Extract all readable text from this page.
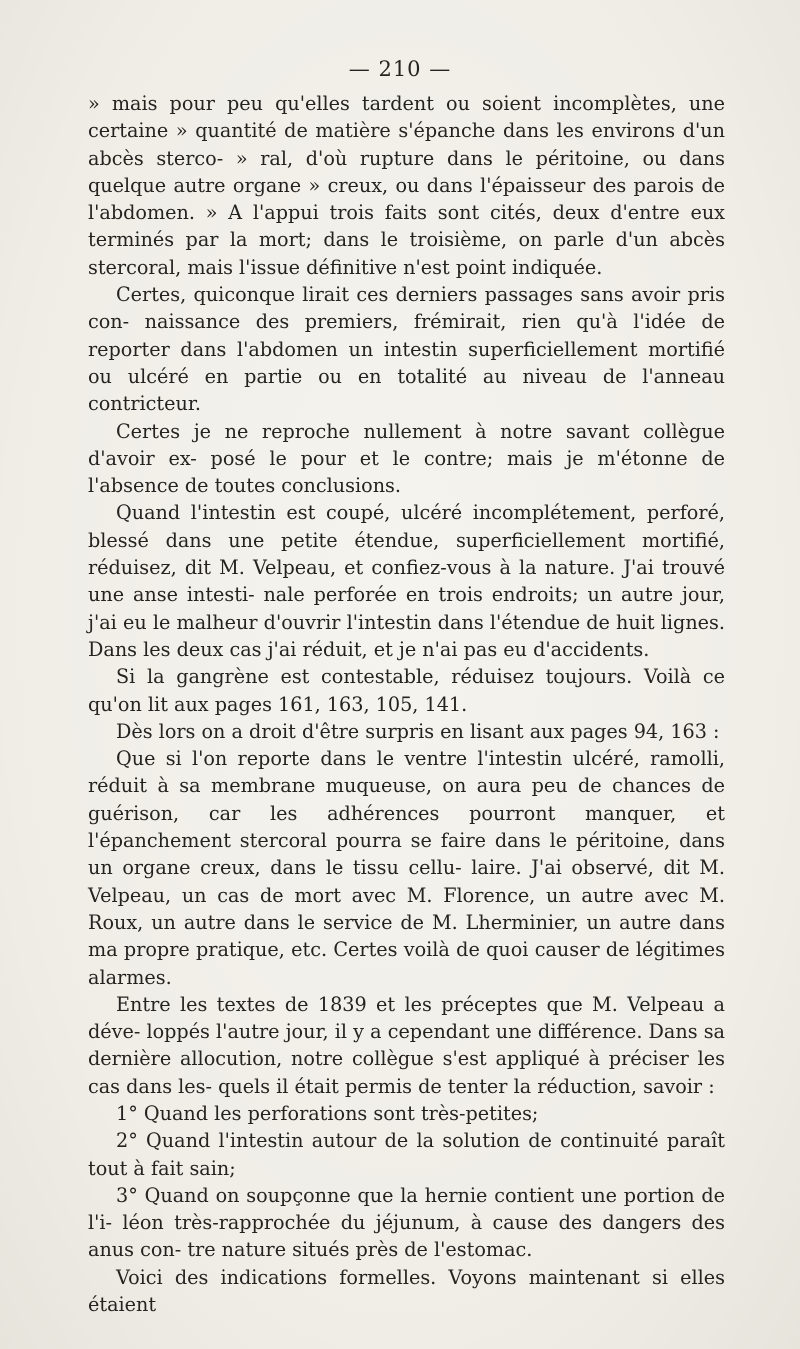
— 210 —

» mais pour peu qu'elles tardent ou soient incomplètes, une certaine » quantité de matière s'épanche dans les environs d'un abcès sterco- » ral, d'où rupture dans le péritoine, ou dans quelque autre organe » creux, ou dans l'épaisseur des parois de l'abdomen. » A l'appui trois faits sont cités, deux d'entre eux terminés par la mort; dans le troisième, on parle d'un abcès stercoral, mais l'issue définitive n'est point indiquée.

Certes, quiconque lirait ces derniers passages sans avoir pris con- naissance des premiers, frémirait, rien qu'à l'idée de reporter dans l'abdomen un intestin superficiellement mortifié ou ulcéré en partie ou en totalité au niveau de l'anneau contricteur.

Certes je ne reproche nullement à notre savant collègue d'avoir ex- posé le pour et le contre; mais je m'étonne de l'absence de toutes conclusions.

Quand l'intestin est coupé, ulcéré incomplétement, perforé, blessé dans une petite étendue, superficiellement mortifié, réduisez, dit M. Velpeau, et confiez-vous à la nature. J'ai trouvé une anse intesti- nale perforée en trois endroits; un autre jour, j'ai eu le malheur d'ouvrir l'intestin dans l'étendue de huit lignes. Dans les deux cas j'ai réduit, et je n'ai pas eu d'accidents.

Si la gangrène est contestable, réduisez toujours. Voilà ce qu'on lit aux pages 161, 163, 105, 141.

Dès lors on a droit d'être surpris en lisant aux pages 94, 163 :

Que si l'on reporte dans le ventre l'intestin ulcéré, ramolli, réduit à sa membrane muqueuse, on aura peu de chances de guérison, car les adhérences pourront manquer, et l'épanchement stercoral pourra se faire dans le péritoine, dans un organe creux, dans le tissu cellu- laire. J'ai observé, dit M. Velpeau, un cas de mort avec M. Florence, un autre avec M. Roux, un autre dans le service de M. Lherminier, un autre dans ma propre pratique, etc. Certes voilà de quoi causer de légitimes alarmes.

Entre les textes de 1839 et les préceptes que M. Velpeau a déve- loppés l'autre jour, il y a cependant une différence. Dans sa dernière allocution, notre collègue s'est appliqué à préciser les cas dans les- quels il était permis de tenter la réduction, savoir :

1° Quand les perforations sont très-petites;

2° Quand l'intestin autour de la solution de continuité paraît tout à fait sain;

3° Quand on soupçonne que la hernie contient une portion de l'i- léon très-rapprochée du jéjunum, à cause des dangers des anus con- tre nature situés près de l'estomac.

Voici des indications formelles. Voyons maintenant si elles étaient
